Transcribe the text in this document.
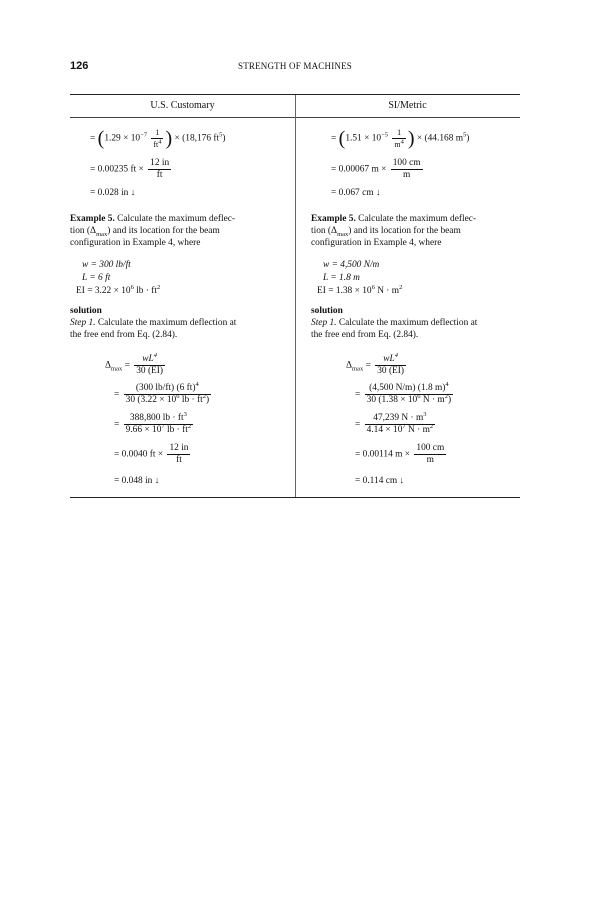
126	STRENGTH OF MACHINES
U.S. Customary	SI/Metric
= ($1.29 \times 10^{-7} \frac{1}{ft^4}$ ) × (18,176 $ft^5$)
= 0.00235 ft × $\frac{12 in}{ft}$
= 0.028 in ↓
Example 5. Calculate the maximum deflec-
tion $(\Delta_{max})$ and its location for the beam
configuration in Example 4, where
w = 300 lb/ft
L = 6 ft
EI = $3.22 \times 10^6$ lb · $ft^2$
solution
Step 1. Calculate the maximum deflection at
the free end from Eq. (2.84).
$\Delta_{max} = \frac{wL^4}{30 (EI)}$
= $\frac{(300 lb/ft) (6 ft)^4}{30 (3.22 \times 10^6 lb \cdot ft^2)}$
= $\frac{388,800 lb \cdot ft^3}{9.66 \times 10^7 lb \cdot ft^2}$
= 0.0040 ft × $\frac{12 in}{ft}$
= 0.048 in ↓
= ($1.51 \times 10^{-5} \frac{1}{m^4}$ ) × (44.168 $m^5$)
= 0.00067 $m \times \frac{100 cm}{m}$
= 0.067 cm ↓
Example 5. Calculate the maximum deflec-
tion $(\Delta_{max})$ and its location for the beam
configuration in Example 4, where
w = 4,500 N/m
L = 1.8 m
EI = $1.38 \times 10^6$ $N \cdot m^2$
solution
Step 1. Calculate the maximum deflection at
the free end from Eq. (2.84).
$\Delta_{max} = \frac{wL^4}{30 (EI)}$
= $\frac{(4,500 N/m) (1.8 m)^4}{30 (1.38 \times 10^6 N \cdot m^2)}$
= $\frac{47,239 N \cdot m^3}{4.14 \times 10^7 N \cdot m^2}$
= 0.00114 $m \times \frac{100 cm}{m}$
= 0.114 cm ↓
